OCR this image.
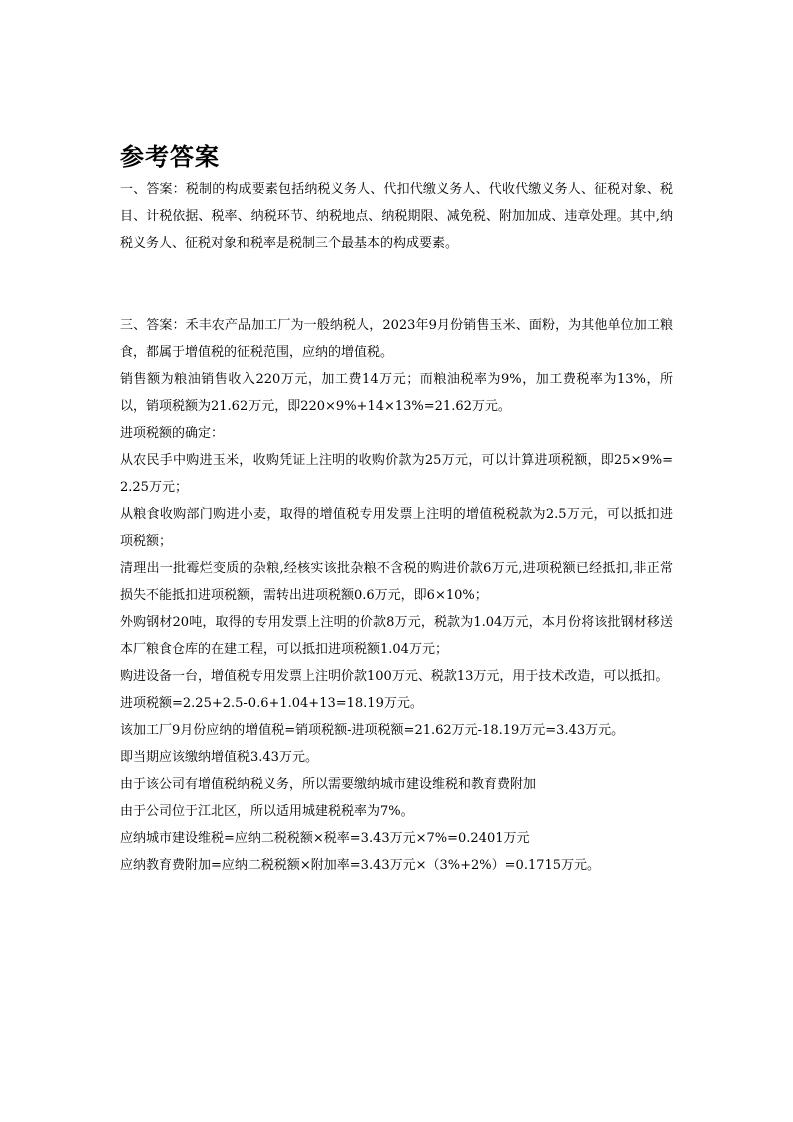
参考答案

一、答案：税制的构成要素包括纳税义务人、代扣代缴义务人、代收代缴义务人、征税对象、税目、计税依据、税率、纳税环节、纳税地点、纳税期限、减免税、附加加成、违章处理。其中,纳税义务人、征税对象和税率是税制三个最基本的构成要素。

三、答案：禾丰农产品加工厂为一般纳税人，2023年9月份销售玉米、面粉，为其他单位加工粮食，都属于增值税的征税范围，应纳的增值税。

销售额为粮油销售收入220万元，加工费14万元；而粮油税率为9%，加工费税率为13%，所以，销项税额为21.62万元，即220×9%+14×13%=21.62万元。

进项税额的确定：

从农民手中购进玉米，收购凭证上注明的收购价款为25万元，可以计算进项税额，即25×9%=2.25万元；

从粮食收购部门购进小麦，取得的增值税专用发票上注明的增值税税款为2.5万元，可以抵扣进项税额；

清理出一批霉烂变质的杂粮,经核实该批杂粮不含税的购进价款6万元,进项税额已经抵扣,非正常损失不能抵扣进项税额，需转出进项税额0.6万元，即6×10%；

外购钢材20吨，取得的专用发票上注明的价款8万元，税款为1.04万元，本月份将该批钢材移送本厂粮食仓库的在建工程，可以抵扣进项税额1.04万元；

购进设备一台，增值税专用发票上注明价款100万元、税款13万元，用于技术改造，可以抵扣。

进项税额=2.25+2.5-0.6+1.04+13=18.19万元。

该加工厂9月份应纳的增值税=销项税额-进项税额=21.62万元-18.19万元=3.43万元。

即当期应该缴纳增值税3.43万元。

由于该公司有增值税纳税义务，所以需要缴纳城市建设维税和教育费附加

由于公司位于江北区，所以适用城建税税率为7%。

应纳城市建设维税=应纳二税税额×税率=3.43万元×7%=0.2401万元

应纳教育费附加=应纳二税税额×附加率=3.43万元×（3%+2%）=0.1715万元。
